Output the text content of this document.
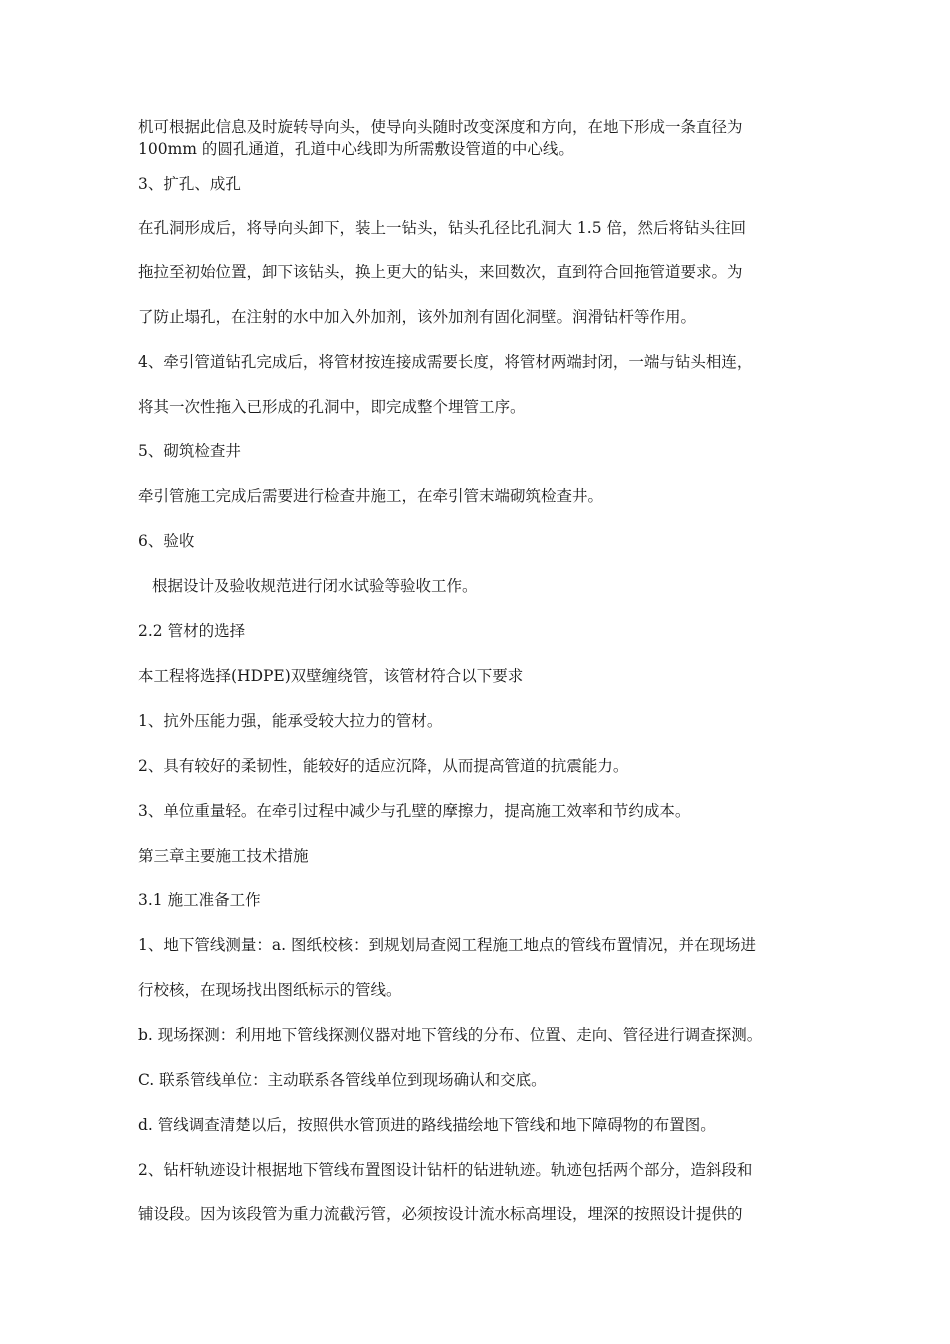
机可根据此信息及时旋转导向头，使导向头随时改变深度和方向，在地下形成一条直径为
100mm 的圆孔通道，孔道中心线即为所需敷设管道的中心线。
3、扩孔、成孔
在孔洞形成后，将导向头卸下，装上一钻头，钻头孔径比孔洞大 1.5 倍，然后将钻头往回
拖拉至初始位置，卸下该钻头，换上更大的钻头，来回数次，直到符合回拖管道要求。为
了防止塌孔，在注射的水中加入外加剂，该外加剂有固化洞壁。润滑钻杆等作用。
4、牵引管道钻孔完成后，将管材按连接成需要长度，将管材两端封闭，一端与钻头相连，
将其一次性拖入已形成的孔洞中，即完成整个埋管工序。
5、砌筑检查井
牵引管施工完成后需要进行检查井施工，在牵引管末端砌筑检查井。
6、验收
根据设计及验收规范进行闭水试验等验收工作。
2.2 管材的选择
本工程将选择(HDPE)双壁缠绕管，该管材符合以下要求
1、抗外压能力强，能承受较大拉力的管材。
2、具有较好的柔韧性，能较好的适应沉降，从而提高管道的抗震能力。
3、单位重量轻。在牵引过程中减少与孔壁的摩擦力，提高施工效率和节约成本。
第三章主要施工技术措施
3.1 施工准备工作
1、地下管线测量：a. 图纸校核：到规划局查阅工程施工地点的管线布置情况，并在现场进
行校核，在现场找出图纸标示的管线。
b. 现场探测：利用地下管线探测仪器对地下管线的分布、位置、走向、管径进行调查探测。
C. 联系管线单位：主动联系各管线单位到现场确认和交底。
d. 管线调查清楚以后，按照供水管顶进的路线描绘地下管线和地下障碍物的布置图。
2、钻杆轨迹设计根据地下管线布置图设计钻杆的钻进轨迹。轨迹包括两个部分，造斜段和
铺设段。因为该段管为重力流截污管，必须按设计流水标高埋设，埋深的按照设计提供的
